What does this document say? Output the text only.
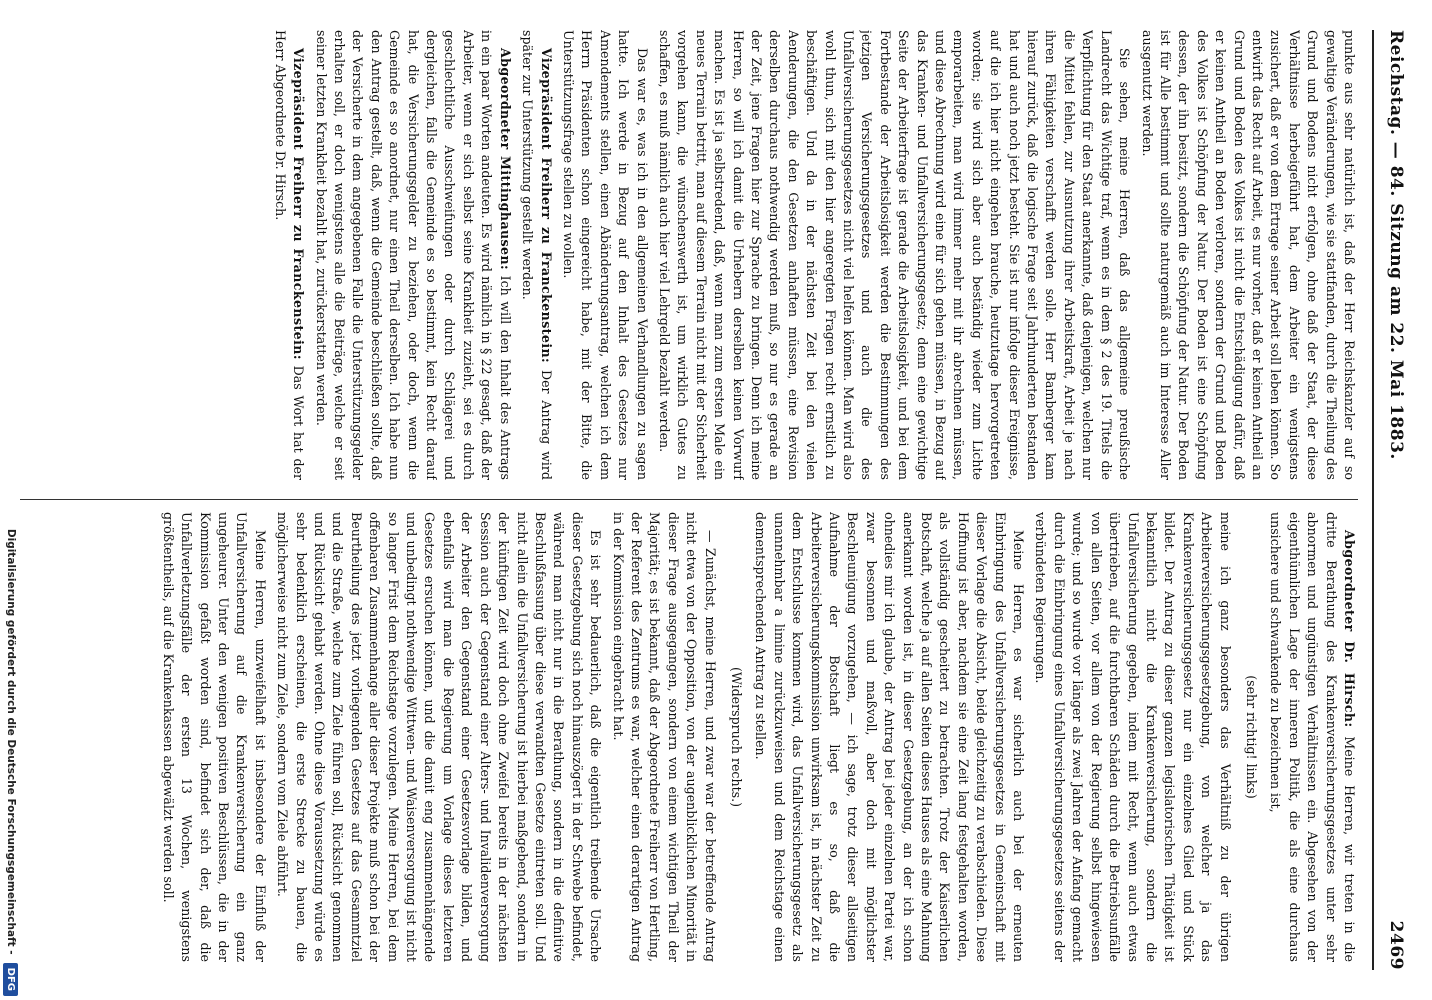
Reichstag. — 84. Sitzung am 22. Mai 1883.
2469

punkte aus sehr natürlich ist, daß der Herr Reichskanzler auf so gewaltige Veränderungen, wie sie stattfanden, durch die Theilung des Grund und Bodens nicht erfolgen, ohne daß der Staat, der diese Verhältnisse herbeigeführt hat, dem Arbeiter ein wenigstens zusichert, daß er von dem Ertrage seiner Arbeit soll leben können. So entwirft das Recht auf Arbeit, es nur vorher, daß er keinen Antheil an Grund und Boden des Volkes ist nicht die Entschädigung dafür, daß er keinen Antheil an Boden verloren, sondern der Grund und Boden des Volkes ist Schöpfung der Natur. Der Boden ist eine Schöpfung dessen, der ihn besitzt, sondern die Schöpfung der Natur. Der Boden ist für Alle bestimmt und sollte naturgemäß auch im Interesse Aller ausgenutzt werden.

Sie sehen, meine Herren, daß das allgemeine preußische Landrecht das Wichtige traf, wenn es in dem § 2 des 19. Titels die Verpflichtung für den Staat anerkannte, daß denjenigen, welchen nur die Mittel fehlen, zur Ausnutzung ihrer Arbeitskraft, Arbeit je nach ihren Fähigkeiten verschafft werden solle. Herr Bamberger kam hierauf zurück, daß die logische Frage seit Jahrhunderten bestanden hat und auch noch jetzt besteht. Sie ist nur infolge dieser Ereignisse, auf die ich hier nicht eingehen brauche, heutzutage hervorgetreten worden; sie wird sich aber auch beständig wieder zum Lichte emporarbeiten, man wird immer mehr mit ihr abrechnen müssen, und diese Abrechnung wird eine für sich gehen müssen, in Bezug auf das Kranken- und Unfallversicherungsgesetz; denn eine gewichtige Seite der Arbeiterfrage ist gerade die Arbeitslosigkeit, und bei dem Fortbestande der Arbeitslosigkeit werden die Bestimmungen des jetzigen Versicherungsgesetzes und auch die des Unfallversicherungsgesetzes nicht viel helfen können. Man wird also wohl thun, sich mit den hier angeregten Fragen recht ernstlich zu beschäftigen. Und da in der nächsten Zeit bei den vielen Aenderungen, die den Gesetzen anhaften müssen, eine Revision derselben durchaus nothwendig werden muß, so nur es gerade an der Zeit, jene Fragen hier zur Sprache zu bringen. Denn ich meine Herren, so will ich damit die Urhebern derselben keinen Vorwurf machen. Es ist ja selbstredend, daß, wenn man zum ersten Male ein neues Terrain betritt, man auf diesem Terrain nicht mit der Sicherheit vorgehen kann, die wünschenswerth ist, um wirklich Gutes zu schaffen, es muß nämlich auch hier viel Lehrgeld bezahlt werden.

Das war es, was ich in den allgemeinen Verhandlungen zu sagen hatte. Ich werde in Bezug auf den Inhalt des Gesetzes nur Amendements stellen, einen Abänderungsantrag, welchen ich dem Herrn Präsidenten schon eingereicht habe, mit der Bitte, die Unterstützungsfrage stellen zu wollen.

Vizepräsident Freiherr zu Franckenstein: Der Antrag wird später zur Unterstützung gestellt werden.

Abgeordneter Mittinghausen: Ich will den Inhalt des Antrags in ein paar Worten andeuten. Es wird nämlich in § 22 gesagt, daß der Arbeiter, wenn er sich selbst seine Krankheit zuzieht, sei es durch geschlechtliche Ausschweifungen oder durch Schlägerei und dergleichen, falls die Gemeinde es so bestimmt, kein Recht darauf hat, die Versicherungsgelder zu beziehen, oder doch, wenn die Gemeinde es so anordnet, nur einen Theil derselben. Ich habe nun den Antrag gestellt, daß, wenn die Gemeinde beschließen sollte, daß der Versicherte in dem angegebenen Falle die Unterstützungsgelder erhalten soll, er doch wenigstens alle die Beiträge, welche er seit seiner letzten Krankheit bezahlt hat, zurückerstatten werden.

Vizepräsident Freiherr zu Franckenstein: Das Wort hat der Herr Abgeordnete Dr. Hirsch.

Abgeordneter Dr. Hirsch: Meine Herren, wir treten in die dritte Berathung des Krankenversicherungsgesetzes unter sehr abnormen und ungünstigen Verhältnissen ein. Abgesehen von der eigenthümlichen Lage der inneren Politik, die als eine durchaus unsichere und schwankende zu bezeichnen ist,

(sehr richtig! links)

meine ich ganz besonders das Verhältniß zu der übrigen Arbeiterversicherungsgesetzgebung, von welcher ja das Krankenversicherungsgesetz nur ein einzelnes Glied und Stück bildet. Der Antrag zu dieser ganzen legislatorischen Thätigkeit ist bekanntlich nicht die Krankenversicherung, sondern die Unfallversicherung gegeben, indem mit Recht, wenn auch etwas übertrieben, auf die furchtbaren Schäden durch die Betriebsunfälle von allen Seiten, vor allem von der Regierung selbst hingewiesen wurde; und so wurde vor länger als zwei Jahren der Anfang gemacht durch die Einbringung eines Unfallversicherungsgesetzes seitens der verbündeten Regierungen.

Meine Herren, es war sicherlich auch bei der erneuten Einbringung des Unfallversicherungsgesetzes in Gemeinschaft mit dieser Vorlage die Absicht, beide gleichzeitig zu verabschieden. Diese Hoffnung ist aber, nachdem sie eine Zeit lang festgehalten worden, als vollständig gescheitert zu betrachten. Trotz der Kaiserlichen Botschaft, welche ja auf allen Seiten dieses Hauses als eine Mahnung anerkannt worden ist, in dieser Gesetzgebung, an der ich schon ohnedies mir ich glaube, der Antrag bei jeder einzelnen Partei war, zwar besonnen und maßvoll, aber doch mit möglichster Beschleunigung vorzugehen, — ich sage, trotz dieser allseitigen Aufnahme der Botschaft liegt es so, daß die Arbeiterversicherungskommission unwirksam ist, in nächster Zeit zu dem Entschlusse kommen wird, das Unfallversicherungsgesetz als unannehmbar a limine zurückzuweisen und dem Reichstage einen dementsprechenden Antrag zu stellen.

(Widerspruch rechts.)

— Zunächst, meine Herren, und zwar war der betreffende Antrag nicht etwa von der Opposition, von der augenblicklichen Minorität in dieser Frage ausgegangen, sondern von einem wichtigen Theil der Majorität; es ist bekannt, daß der Abgeordnete Freiherr von Hertling, der Referent des Zentrums es war, welcher einen derartigen Antrag in der Kommission eingebracht hat.

Es ist sehr bedauerlich, daß die eigentlich treibende Ursache dieser Gesetzgebung sich noch hinauszögert in der Schwebe befindet, während man nicht nur in die Berathung, sondern in die definitive Beschlußfassung über diese verwandten Gesetze eintreten soll. Und nicht allein die Unfallversicherung ist hierbei maßgebend, sondern in der künftigen Zeit wird doch ohne Zweifel bereits in der nächsten Session auch der Gegenstand einer Alters- und Invalidenversorgung der Arbeiter den Gegenstand einer Gesetzesvorlage bilden, und ebenfalls wird man die Regierung um Vorlage dieses letzteren Gesetzes ersuchen können, und die damit eng zusammenhängende und unbedingt nothwendige Wittwen- und Waisenversorgung ist nicht so langer Frist dem Reichstage vorzulegen. Meine Herren, bei dem offenbaren Zusammenhange aller dieser Projekte muß schon bei der Beurtheilung des jetzt vorliegenden Gesetzes auf das Gesammtziel und die Straße, welche zum Ziele führen soll, Rücksicht genommen und Rücksicht gehabt werden. Ohne diese Voraussetzung würde es sehr bedenklich erscheinen, die erste Strecke zu bauen, die möglicherweise nicht zum Ziele, sondern vom Ziele abführt.

Meine Herren, unzweifelhaft ist insbesondere der Einfluß der Unfallversicherung auf die Krankenversicherung ein ganz ungeheurer. Unter den wenigen positiven Beschlüssen, die in der Kommission gefaßt worden sind, befindet sich der, daß die Unfallverletzungsfälle der ersten 13 Wochen, wenigstens größtentheils, auf die Krankenkassen abgewälzt werden soll.

Digitalisierung gefördert durch die Deutsche Forschungsgemeinschaft -
DFG
